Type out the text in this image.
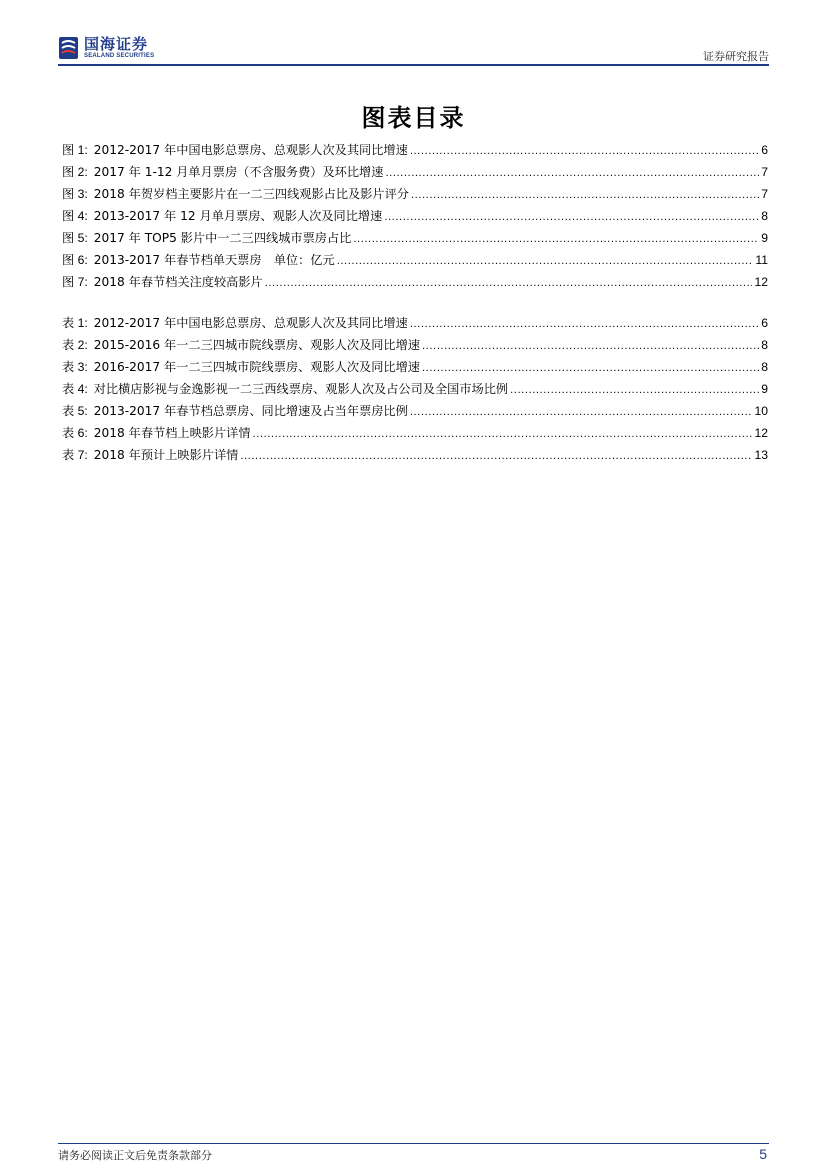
国海证券
SEALAND SECURITIES	证券研究报告
图表目录
图 1: 2012-2017 年中国电影总票房、总观影人次及其同比增速 .....	6
图 2: 2017 年 1-12 月单月票房（不含服务费）及环比增速 .....	7
图 3: 2018 年贺岁档主要影片在一二三四线观影占比及影片评分 .....	7
图 4: 2013-2017 年 12 月单月票房、观影人次及同比增速 .....	8
图 5: 2017 年 TOP5 影片中一二三四线城市票房占比 .....	9
图 6: 2013-2017 年春节档单天票房　单位：亿元 .....	11
图 7: 2018 年春节档关注度较高影片 .....	12
表 1: 2012-2017 年中国电影总票房、总观影人次及其同比增速 .....	6
表 2: 2015-2016 年一二三四城市院线票房、观影人次及同比增速 .....	8
表 3: 2016-2017 年一二三四城市院线票房、观影人次及同比增速 .....	8
表 4: 对比横店影视与金逸影视一二三西线票房、观影人次及占公司及全国市场比例 .....	9
表 5: 2013-2017 年春节档总票房、同比增速及占当年票房比例 .....	10
表 6: 2018 年春节档上映影片详情 .....	12
表 7: 2018 年预计上映影片详情 .....	13
请务必阅读正文后免责条款部分	5
